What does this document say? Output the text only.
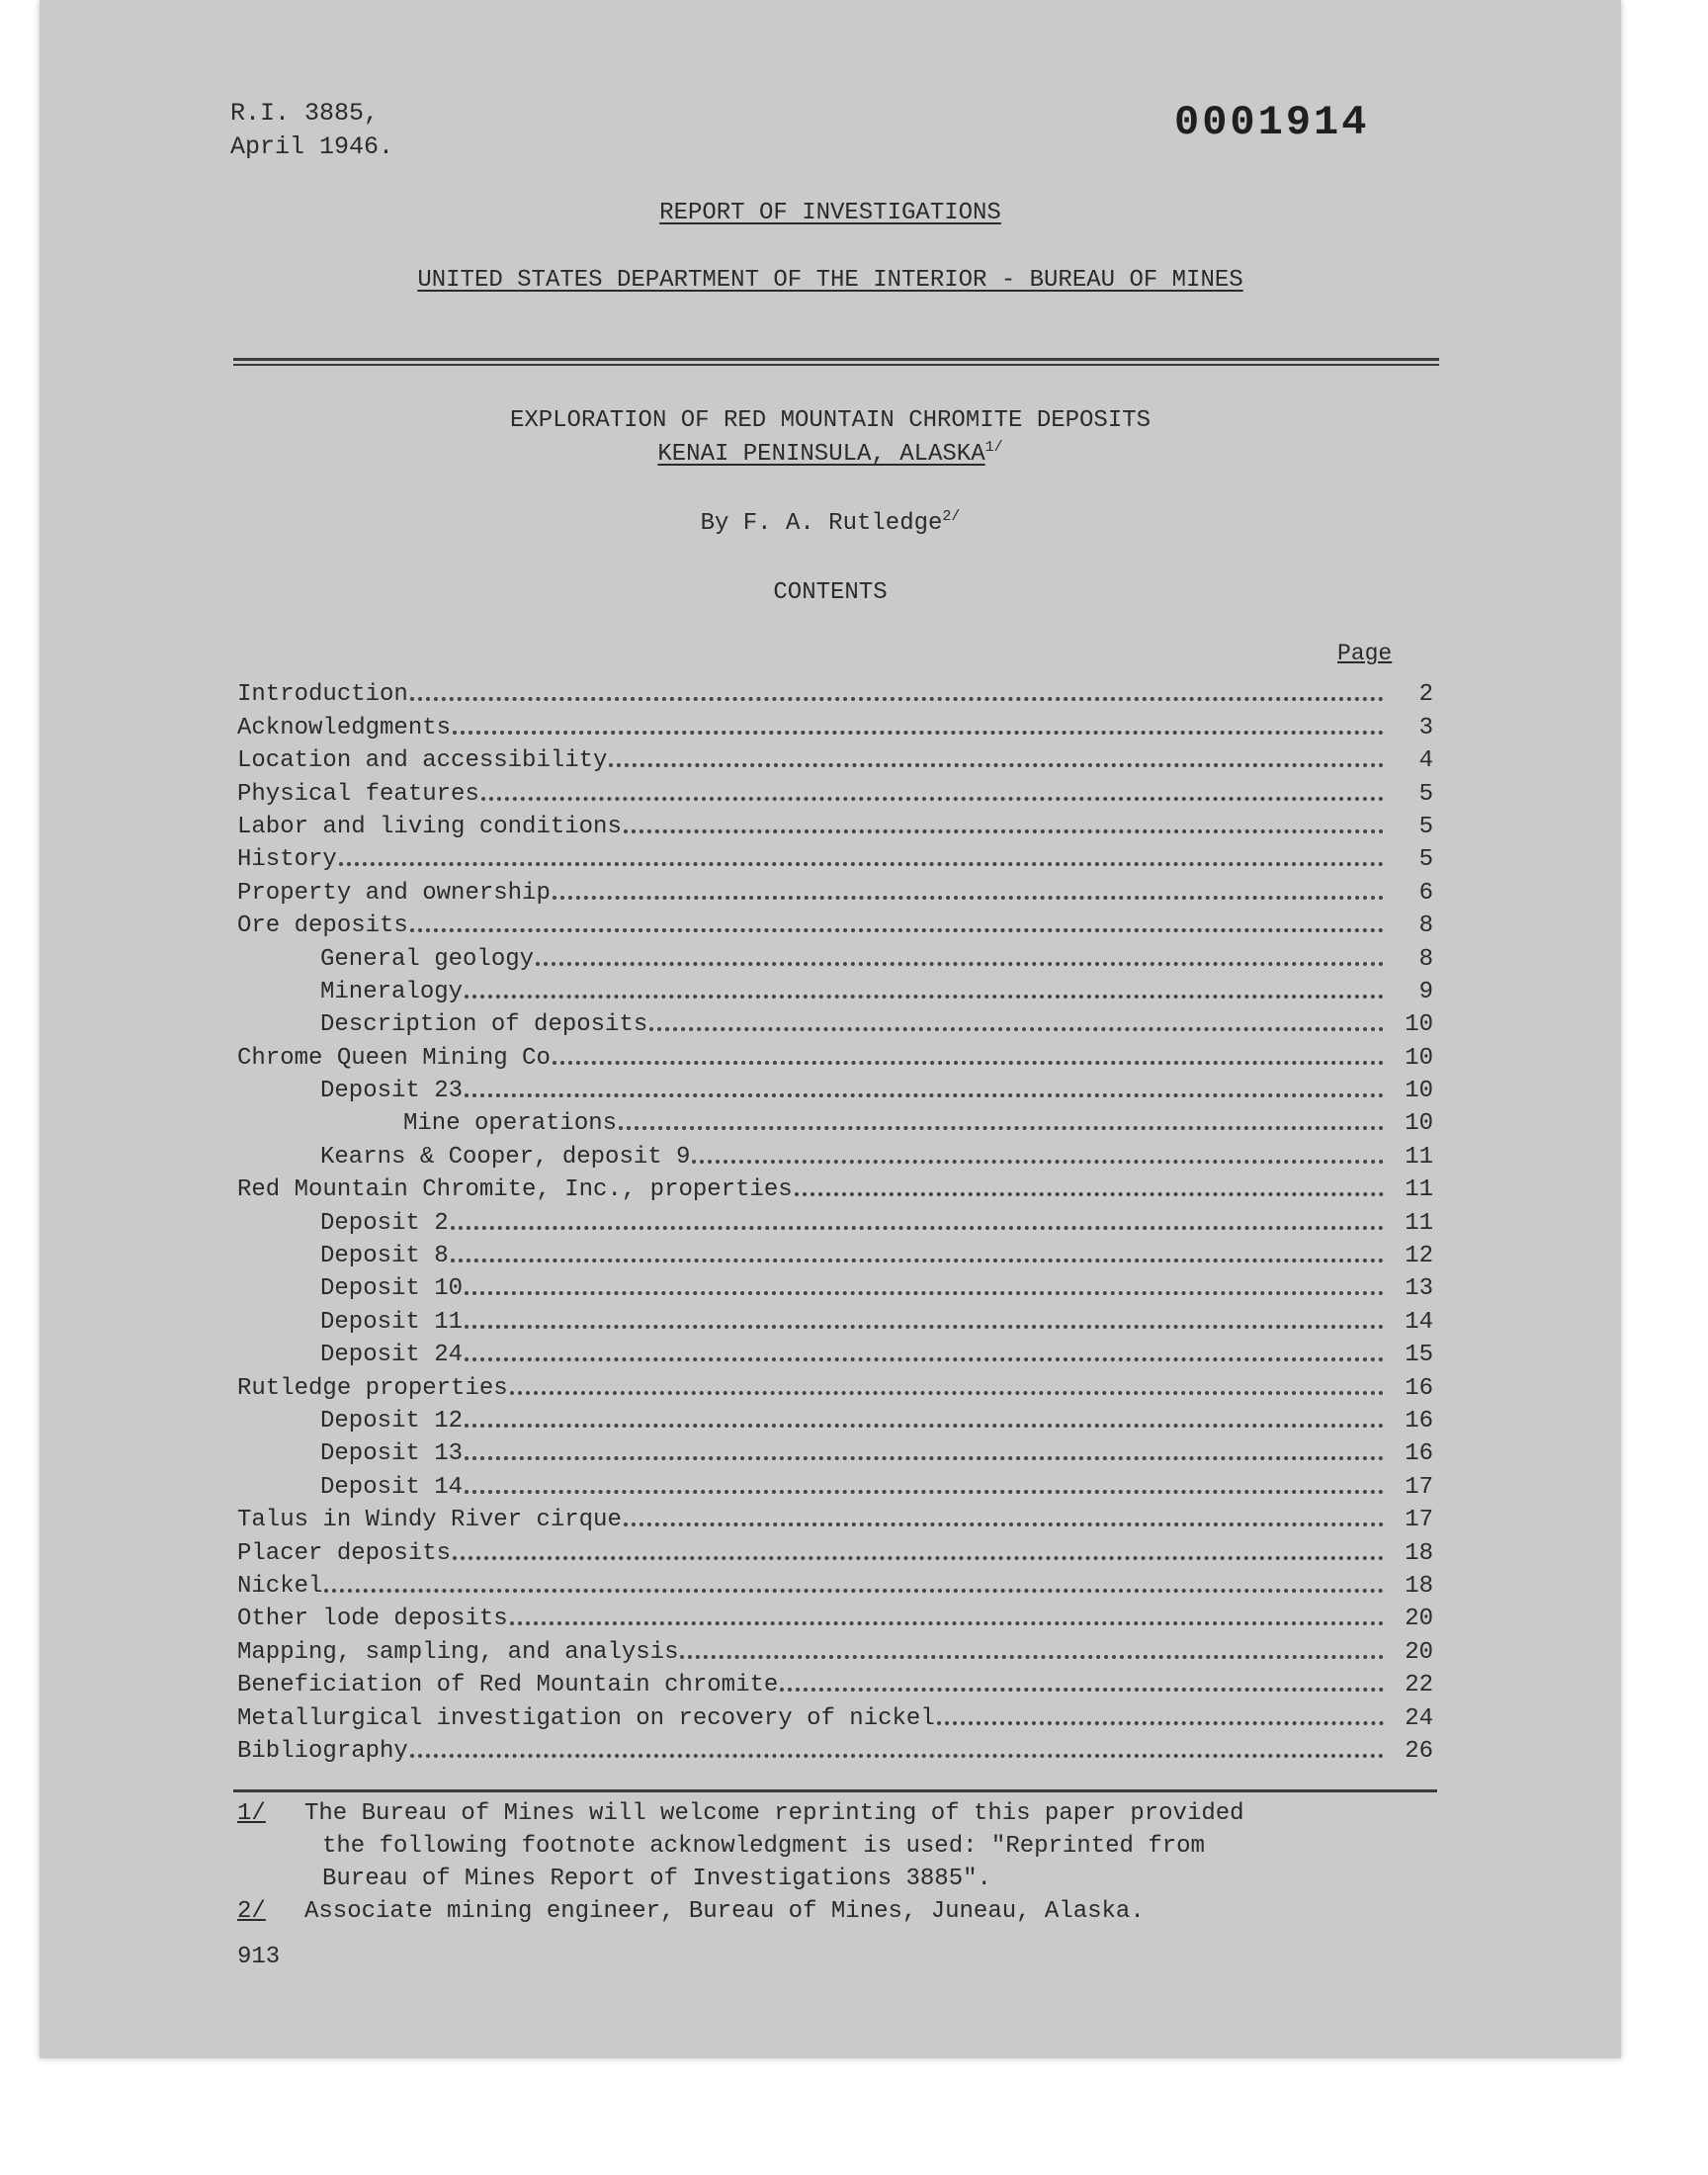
R.I. 3885,
April 1946.
0001914
REPORT OF INVESTIGATIONS
UNITED STATES DEPARTMENT OF THE INTERIOR - BUREAU OF MINES
EXPLORATION OF RED MOUNTAIN CHROMITE DEPOSITS
KENAI PENINSULA, $ALASKA^{1/}$
By F. A. Rutledge$^{2/}$
CONTENTS
Page
Introduction	2
Acknowledgments	3
Location and accessibility	4
Physical features	5
Labor and living conditions	5
History	5
Property and ownership	6
Ore deposits	8
General geology	8
Mineralogy	9
Description of deposits	10
Chrome Queen Mining Co	10
Deposit 23	10
Mine operations	10
Kearns & Cooper, deposit 9	11
Red Mountain Chromite, Inc., properties	11
Deposit 2	11
Deposit 8	12
Deposit 10	13
Deposit 11	14
Deposit 24	15
Rutledge properties	16
Deposit 12	16
Deposit 13	16
Deposit 14	17
Talus in Windy River cirque	17
Placer deposits	18
Nickel	18
Other lode deposits	20
Mapping, sampling, and analysis	20
Beneficiation of Red Mountain chromite	22
Metallurgical investigation on recovery of nickel	24
Bibliography	26
1/	The Bureau of Mines will welcome reprinting of this paper provided
the following footnote acknowledgment is used: "Reprinted from
Bureau of Mines Report of Investigations 3885".
2/	Associate mining engineer, Bureau of Mines, Juneau, Alaska.
913
